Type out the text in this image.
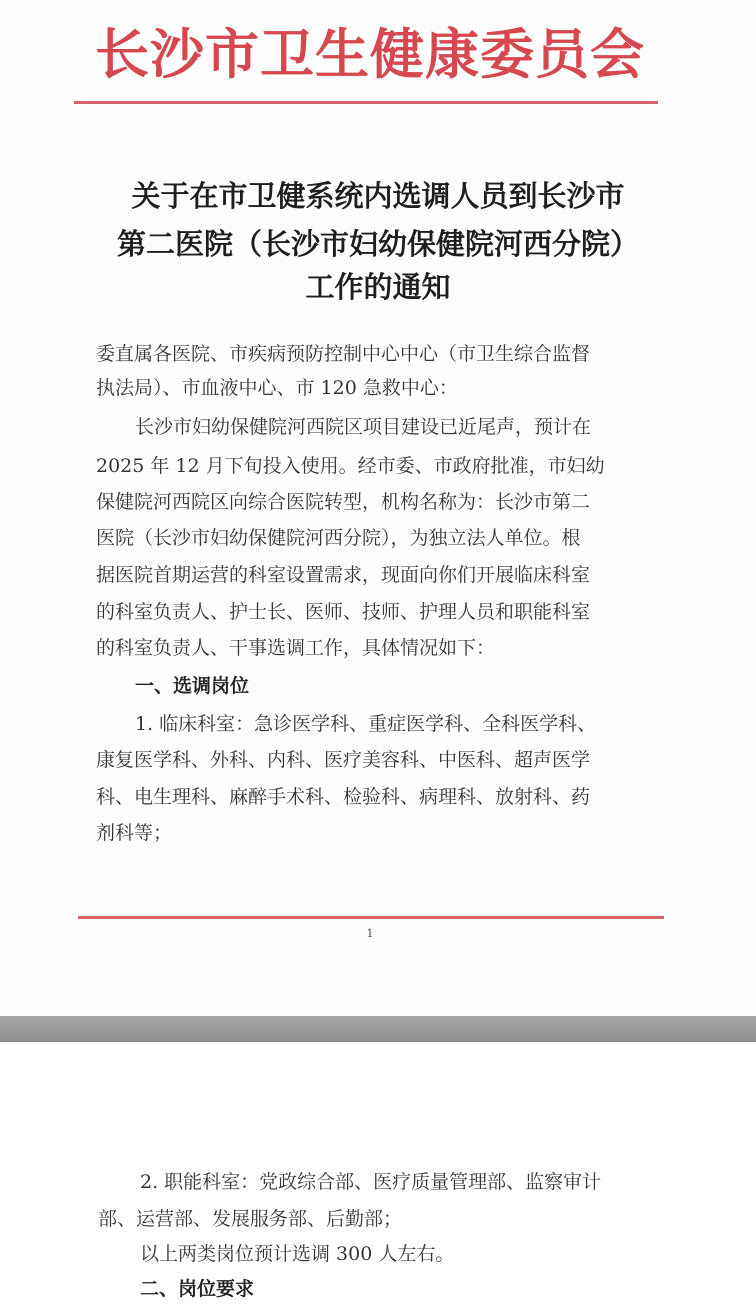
长沙市卫生健康委员会
关于在市卫健系统内选调人员到长沙市
第二医院（长沙市妇幼保健院河西分院）
工作的通知
委直属各医院、市疾病预防控制中心中心（市卫生综合监督
执法局）、市血液中心、市 120 急救中心：
长沙市妇幼保健院河西院区项目建设已近尾声，预计在
2025 年 12 月下旬投入使用。经市委、市政府批准，市妇幼
保健院河西院区向综合医院转型，机构名称为：长沙市第二
医院（长沙市妇幼保健院河西分院），为独立法人单位。根
据医院首期运营的科室设置需求，现面向你们开展临床科室
的科室负责人、护士长、医师、技师、护理人员和职能科室
的科室负责人、干事选调工作，具体情况如下：
一、选调岗位
1. 临床科室：急诊医学科、重症医学科、全科医学科、
康复医学科、外科、内科、医疗美容科、中医科、超声医学
科、电生理科、麻醉手术科、检验科、病理科、放射科、药
剂科等；
1
2. 职能科室：党政综合部、医疗质量管理部、监察审计
部、运营部、发展服务部、后勤部；
以上两类岗位预计选调 300 人左右。
二、岗位要求
